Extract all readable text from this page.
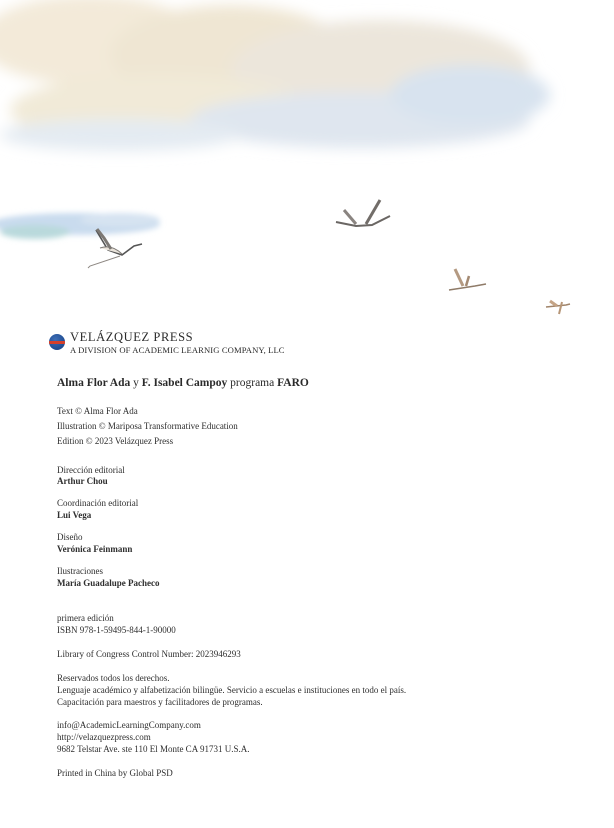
VELÁZQUEZ PRESS
A DIVISION OF ACADEMIC LEARNIG COMPANY, LLC
Alma Flor Ada y F. Isabel Campoy programa FARO
Text © Alma Flor Ada
Illustration © Mariposa Transformative Education
Edition © 2023 Velázquez Press
Dirección editorial
Arthur Chou
Coordinación editorial
Lui Vega
Diseño
Verónica Feinmann
Ilustraciones
María Guadalupe Pacheco
primera edición
ISBN 978-1-59495-844-1-90000
Library of Congress Control Number: 2023946293
Reservados todos los derechos.
Lenguaje académico y alfabetización bilingüe. Servicio a escuelas e instituciones en todo el país.
Capacitación para maestros y facilitadores de programas.
info@AcademicLearningCompany.com
http://velazquezpress.com
9682 Telstar Ave. ste 110 El Monte CA 91731 U.S.A.
Printed in China by Global PSD
